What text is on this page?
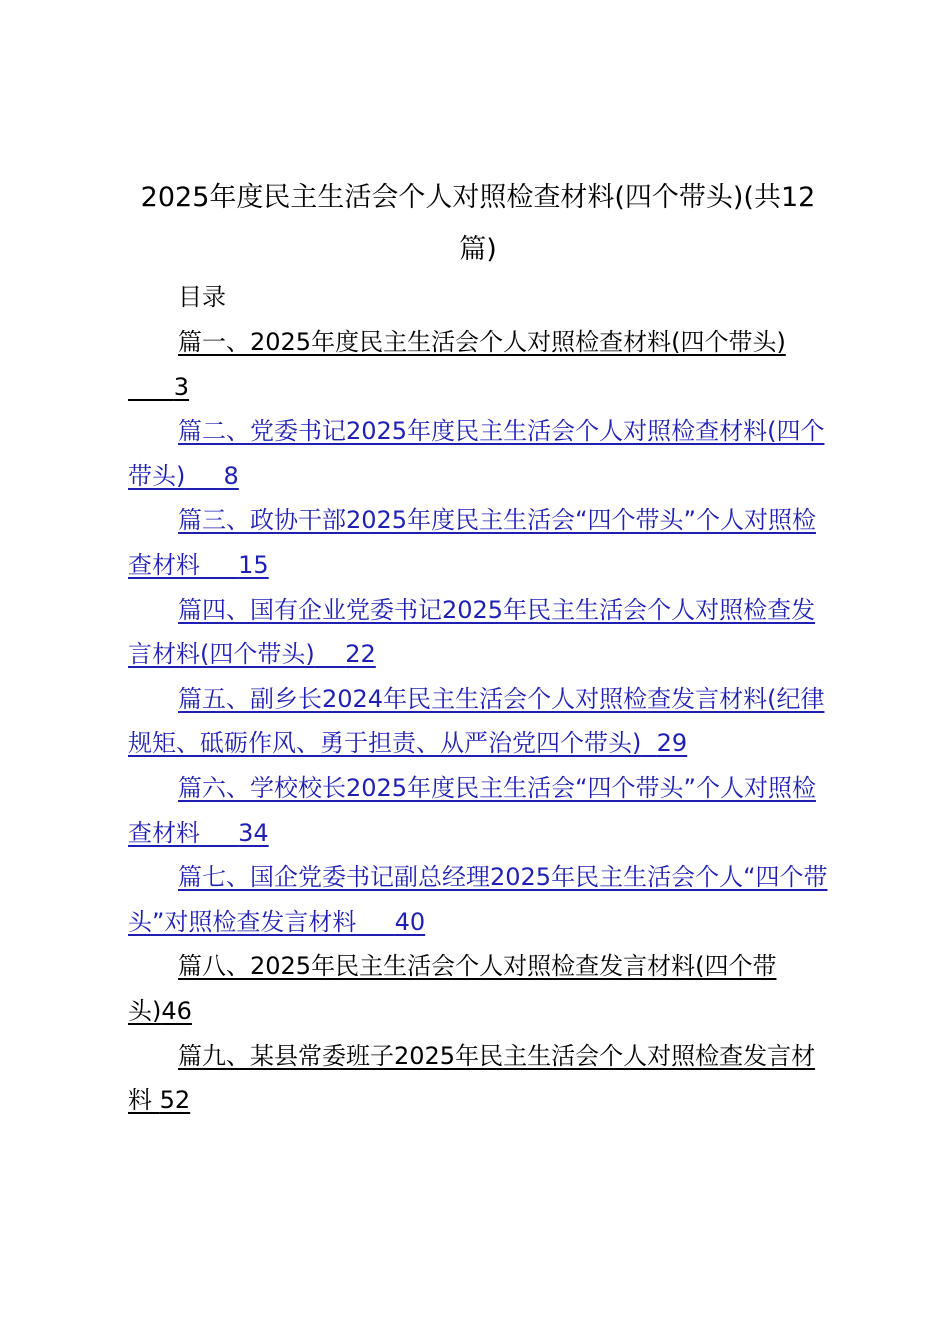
2025年度民主生活会个人对照检查材料(四个带头)(共12篇)

目录

篇一、2025年度民主生活会个人对照检查材料(四个带头)      3
篇二、党委书记2025年度民主生活会个人对照检查材料(四个带头) 8
篇三、政协干部2025年度民主生活会“四个带头”个人对照检查材料 15
篇四、国有企业党委书记2025年民主生活会个人对照检查发言材料(四个带头) 22
篇五、副乡长2024年民主生活会个人对照检查发言材料(纪律规矩、砥砺作风、勇于担责、从严治党四个带头) 29
篇六、学校校长2025年度民主生活会“四个带头”个人对照检查材料 34
篇七、国企党委书记副总经理2025年民主生活会个人“四个带头”对照检查发言材料 40
篇八、2025年民主生活会个人对照检查发言材料(四个带头)46
篇九、某县常委班子2025年民主生活会个人对照检查发言材料 52
